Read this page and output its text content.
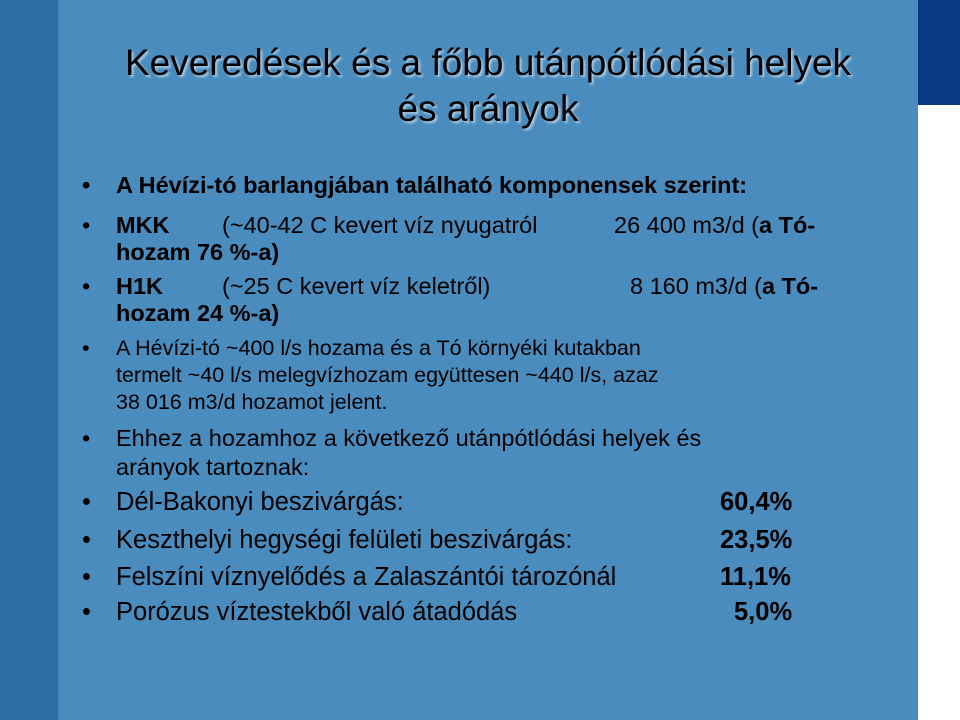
Keveredések és a főbb utánpótlódási helyek
és arányok
•	A Hévízi-tó barlangjában található komponensek szerint:
•	MKK (~40-42 C kevert víz nyugatról	26 400 m3/d (a Tó-
hozam 76 %-a)
•	H1K	(~25 C kevert víz keletről)	8 160 m3/d (a Tó-
hozam 24 %-a)
•	A Hévízi-tó ~400 l/s hozama és a Tó környéki kutakban
termelt ~40 l/s melegvízhozam együttesen ~440 l/s, azaz
38 016 m3/d hozamot jelent.
•	Ehhez a hozamhoz a következő utánpótlódási helyek és
arányok tartoznak:
• Dél-Bakonyi beszivárgás:	60,4%
• Keszthelyi hegységi felületi beszivárgás:	23,5%
• Felszíni víznyelődés a Zalaszántói tározónál	11,1%
• Porózus víztestekből való átadódás	5,0%
